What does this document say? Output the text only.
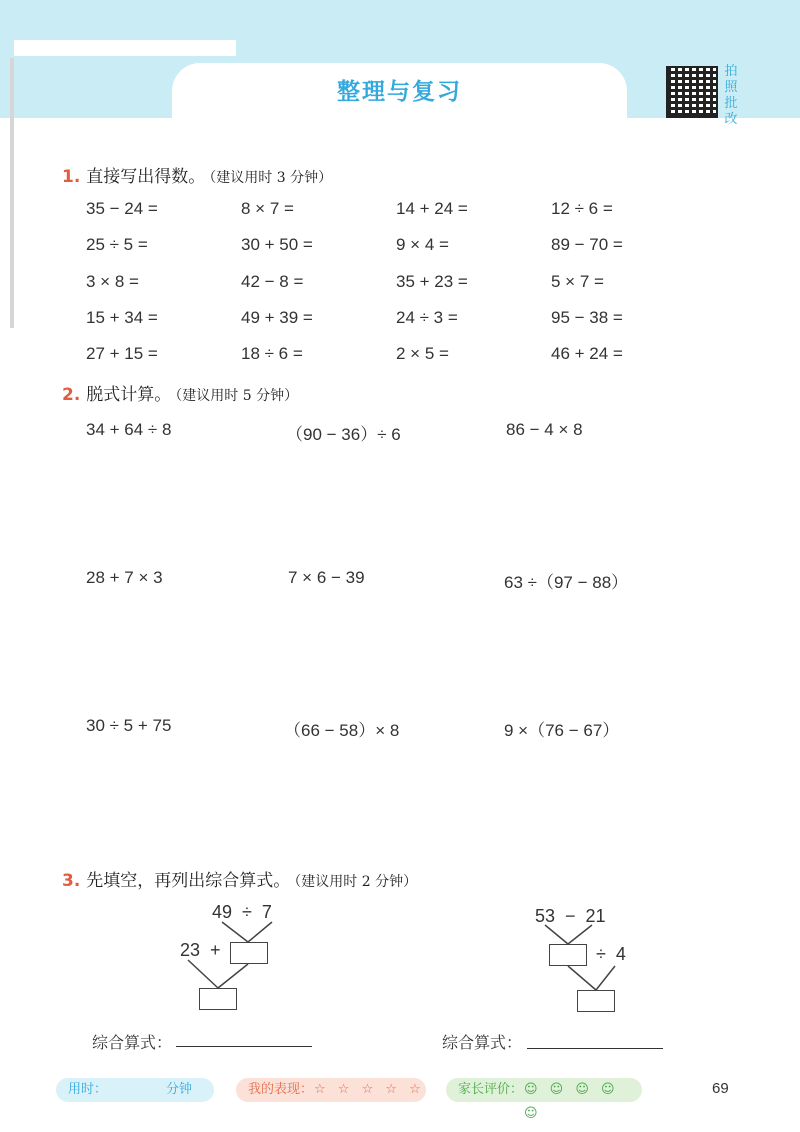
整理与复习
拍照批改
1. 直接写出得数。 （建议用时 3 分钟）
35 − 24 =	8 × 7 =	14 + 24 =	12 ÷ 6 =
25 ÷ 5 =	30 + 50 =	9 × 4 =	89 − 70 =
3 × 8 =	42 − 8 =	35 + 23 =	5 × 7 =
15 + 34 =	49 + 39 =	24 ÷ 3 =	95 − 38 =
27 + 15 =	18 ÷ 6 =	2 × 5 =	46 + 24 =
2. 脱式计算。 （建议用时 5 分钟）
34 + 64 ÷ 8	（90 − 36）÷ 6	86 − 4 × 8
28 + 7 × 3	7 × 6 − 39	63 ÷（97 − 88）
30 ÷ 5 + 75	（66 − 58）× 8	9 ×（76 − 67）
3. 先填空，再列出综合算式。 （建议用时 2 分钟）
49  ÷  7
23  +
53  −  21
÷  4
综合算式：	综合算式：
用时：	分钟	我的表现： ☆ ☆ ☆ ☆ ☆	家长评价： ☺ ☺ ☺ ☺ ☺
69
